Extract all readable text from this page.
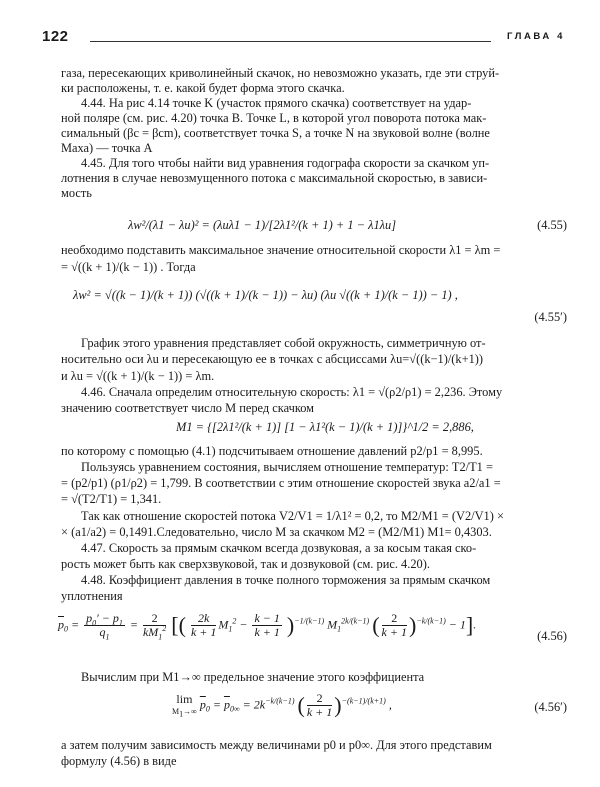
122	ГЛАВА 4
газа, пересекающих криволинейный скачок, но невозможно указать, где эти струй-
ки расположены, т. е. какой будет форма этого скачка.
4.44. На рис 4.14 точке K (участок прямого скачка) соответствует на удар-
ной поляре (см. рис. 4.20) точка B. Точке L, в которой угол поворота потока мак-
симальный (βc = βcm), соответствует точка S, а точке N на звуковой волне (волне
Маха) — точка A
4.45. Для того чтобы найти вид уравнения годографа скорости за скачком уп-
лотнения в случае невозмущенного потока с максимальной скоростью, в зависи-
мость
λw²/(λ1 − λu)² = (λuλ1 − 1)/[2λ1²/(k + 1) + 1 − λ1λu]	(4.55)
необходимо подставить максимальное значение относительной скорости λ1 = λm =
= √((k + 1)/(k − 1)) . Тогда
λw² = √((k − 1)/(k + 1)) (√((k + 1)/(k − 1)) − λu) (λu √((k + 1)/(k − 1)) − 1) ,
(4.55′)
График этого уравнения представляет собой окружность, симметричную от-
носительно оси λu и пересекающую ее в точках с абсциссами λu=√((k−1)/(k+1))
и λu = √((k + 1)/(k − 1)) = λm.
4.46. Сначала определим относительную скорость: λ1 = √(ρ2/ρ1) = 2,236. Этому
значению соответствует число M перед скачком
M1 = {[2λ1²/(k + 1)] [1 − λ1²(k − 1)/(k + 1)]}^1/2 = 2,886,
по которому с помощью (4.1) подсчитываем отношение давлений p2/p1 = 8,995.
Пользуясь уравнением состояния, вычисляем отношение температур: T2/T1 =
= (p2/p1) (ρ1/ρ2) = 1,799. В соответствии с этим отношение скоростей звука a2/a1 =
= √(T2/T1) = 1,341.
Так как отношение скоростей потока V2/V1 = 1/λ1² = 0,2, то M2/M1 = (V2/V1) ×
× (a1/a2) = 0,1491.Следовательно, число M за скачком M2 = (M2/M1) M1= 0,4303.
4.47. Скорость за прямым скачком всегда дозвуковая, а за косым такая ско-
рость может быть как сверхзвуковой, так и дозвуковой (см. рис. 4.20).
4.48. Коэффициент давления в точке полного торможения за прямым скачком
уплотнения
$\overline{p}_0 = \frac{p_0' - p_1}{q_1} = \frac{2}{kM_1^2}$ [( $\frac{2k}{k + 1} M_1^2 - \frac{k - 1}{k + 1} )^{-1/(k-1)}$ $M_1^{2k/(k-1)}$ ( $\frac{2}{k + 1} )^{-k/(k-1)} - 1$].
(4.56)
Вычислим при M1→∞ предельное значение этого коэффициента
lim
$M_1\to\infty$ $\overline{p}_0 = \overline{p}_{0\infty} = 2k^{-k/(k-1)}$ ( $\frac{2}{k + 1} )^{-(k-1)/(k+1)}$ ,	(4.56′)
а затем получим зависимость между величинами p0 и p0∞. Для этого представим
формулу (4.56) в виде
